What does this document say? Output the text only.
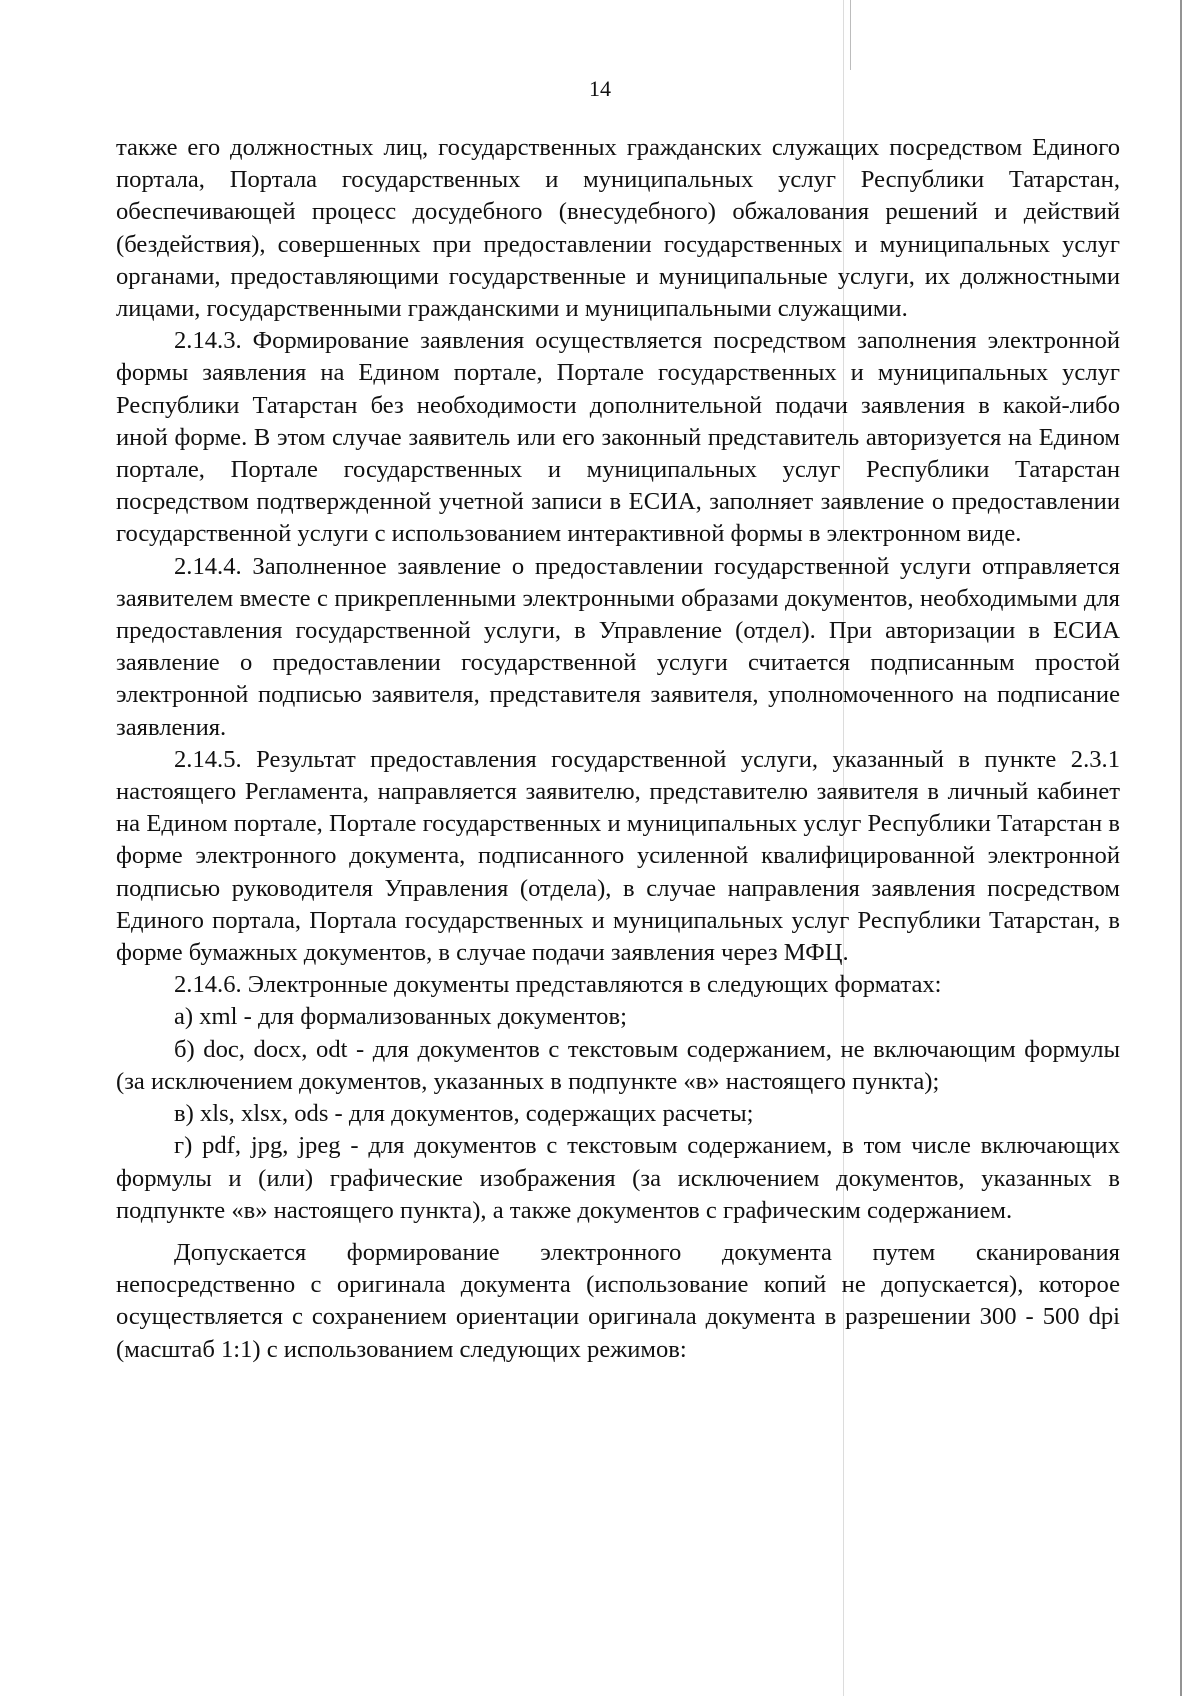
14

также его должностных лиц, государственных гражданских служащих посредством Единого портала, Портала государственных и муниципальных услуг Республики Татарстан, обеспечивающей процесс досудебного (внесудебного) обжалования решений и действий (бездействия), совершенных при предоставлении государственных и муниципальных услуг органами, предоставляющими государственные и муниципальные услуги, их должностными лицами, государственными гражданскими и муниципальными служащими.

2.14.3. Формирование заявления осуществляется посредством заполнения электронной формы заявления на Едином портале, Портале государственных и муниципальных услуг Республики Татарстан без необходимости дополнительной подачи заявления в какой-либо иной форме. В этом случае заявитель или его законный представитель авторизуется на Едином портале, Портале государственных и муниципальных услуг Республики Татарстан посредством подтвержденной учетной записи в ЕСИА, заполняет заявление о предоставлении государственной услуги с использованием интерактивной формы в электронном виде.

2.14.4. Заполненное заявление о предоставлении государственной услуги отправляется заявителем вместе с прикрепленными электронными образами документов, необходимыми для предоставления государственной услуги, в Управление (отдел). При авторизации в ЕСИА заявление о предоставлении государственной услуги считается подписанным простой электронной подписью заявителя, представителя заявителя, уполномоченного на подписание заявления.

2.14.5. Результат предоставления государственной услуги, указанный в пункте 2.3.1 настоящего Регламента, направляется заявителю, представителю заявителя в личный кабинет на Едином портале, Портале государственных и муниципальных услуг Республики Татарстан в форме электронного документа, подписанного усиленной квалифицированной электронной подписью руководителя Управления (отдела), в случае направления заявления посредством Единого портала, Портала государственных и муниципальных услуг Республики Татарстан, в форме бумажных документов, в случае подачи заявления через МФЦ.

2.14.6. Электронные документы представляются в следующих форматах:

а) xml - для формализованных документов;

б) doc, docx, odt - для документов с текстовым содержанием, не включающим формулы (за исключением документов, указанных в подпункте «в» настоящего пункта);

в) xls, xlsx, ods - для документов, содержащих расчеты;

г) pdf, jpg, jpeg - для документов с текстовым содержанием, в том числе включающих формулы и (или) графические изображения (за исключением документов, указанных в подпункте «в» настоящего пункта), а также документов с графическим содержанием.

Допускается формирование электронного документа путем сканирования непосредственно с оригинала документа (использование копий не допускается), которое осуществляется с сохранением ориентации оригинала документа в разрешении 300 - 500 dpi (масштаб 1:1) с использованием следующих режимов:
